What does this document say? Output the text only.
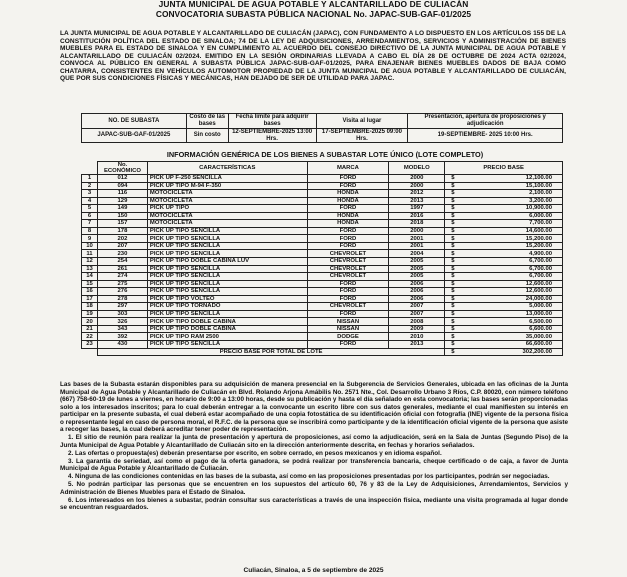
JUNTA MUNICIPAL DE AGUA POTABLE Y ALCANTARILLADO DE CULIACÁN
CONVOCATORIA SUBASTA PÚBLICA NACIONAL No. JAPAC-SUB-GAF-01/2025
LA JUNTA MUNICIPAL DE AGUA POTABLE Y ALCANTARILLADO DE CULIACÁN (JAPAC), CON FUNDAMENTO A LO DISPUESTO EN LOS ARTÍCULOS 155 DE LA CONSTITUCIÓN POLÍTICA DEL ESTADO DE SINALOA; 74 DE LA LEY DE ADQUISICIONES, ARRENDAMIENTOS, SERVICIOS Y ADMINISTRACIÓN DE BIENES MUEBLES PARA EL ESTADO DE SINALOA Y EN CUMPLIMIENTO AL ACUERDO DEL CONSEJO DIRECTIVO DE LA JUNTA MUNICIPAL DE AGUA POTABLE Y ALCANTARILLADO DE CULIACÁN 02/2024. EMITIDO EN LA SESIÓN ORDINARIAS LLEVADA A CABO EL DÍA 28 DE OCTUBRE DE 2024 ACTA 02/2024, CONVOCA AL PÚBLICO EN GENERAL A SUBASTA PÚBLICA JAPAC-SUB-GAF-01/2025, PARA ENAJENAR BIENES MUEBLES DADOS DE BAJA COMO CHATARRA, CONSISTENTES EN VEHÍCULOS AUTOMOTOR PROPIEDAD DE LA JUNTA MUNICIPAL DE AGUA POTABLE Y ALCANTARILLADO DE CULIACÁN, QUE POR SUS CONDICIONES FÍSICAS Y MECÁNICAS, HAN DEJADO DE SER DE UTILIDAD PARA JAPAC.
NO. DE SUBASTA	Costo de las bases	Fecha límite para adquirir bases	Visita al lugar	Presentación, apertura de proposiciones y adjudicación
JAPAC-SUB-GAF-01/2025	Sin costo	12-SEPTIEMBRE-2025 13:00 Hrs.	17-SEPTIEMBRE-2025 09:00 Hrs.	19-SEPTIEMBRE- 2025 10:00 Hrs.
INFORMACIÓN GENÉRICA DE LOS BIENES A SUBASTAR LOTE ÚNICO (LOTE COMPLETO)
	No. ECONÓMICO	CARACTERÍSTICAS	MARCA	MODELO	PRECIO BASE
1	012	PICK UP F-250 SENCILLA	FORD	2000	$ 12,100.00
2	094	PICK UP TIPO M-94 F-350	FORD	2000	$ 15,100.00
3	116	MOTOCICLETA	HONDA	2012	$ 2,100.00
4	129	MOTOCICLETA	HONDA	2013	$ 3,200.00
5	149	PICK UP TIPO	FORD	1997	$ 10,900.00
6	150	MOTOCICLETA	HONDA	2016	$ 6,000.00
7	157	MOTOCICLETA	HONDA	2018	$ 7,700.00
8	178	PICK UP TIPO SENCILLA	FORD	2000	$ 14,600.00
9	202	PICK UP TIPO SENCILLA	FORD	2001	$ 15,200.00
10	207	PICK UP TIPO SENCILLA	FORD	2001	$ 15,200.00
11	230	PICK UP TIPO SENCILLA	CHEVROLET	2004	$ 4,900.00
12	254	PICK UP TIPO DOBLE CABINA LUV	CHEVROLET	2005	$ 6,700.00
13	261	PICK UP TIPO SENCILLA	CHEVROLET	2005	$ 6,700.00
14	274	PICK UP TIPO SENCILLA	CHEVROLET	2005	$ 6,700.00
15	275	PICK UP TIPO SENCILLA	FORD	2006	$ 12,600.00
16	276	PICK UP TIPO SENCILLA	FORD	2006	$ 12,600.00
17	278	PICK UP TIPO VOLTEO	FORD	2006	$ 24,000.00
18	297	PICK UP TIPO TORNADO	CHEVROLET	2007	$ 5,000.00
19	303	PICK UP TIPO SENCILLA	FORD	2007	$ 13,000.00
20	326	PICK UP TIPO DOBLE CABINA	NISSAN	2008	$ 6,500.00
21	343	PICK UP TIPO DOBLE CABINA	NISSAN	2009	$ 6,600.00
22	392	PICK UP TIPO RAM 2500	DODGE	2010	$ 35,000.00
23	430	PICK UP TIPO SENCILLA	FORD	2013	$ 66,600.00
	PRECIO BASE POR TOTAL DE LOTE				$ 302,200.00

Las bases de la Subasta estarán disponibles para su adquisición de manera presencial en la Subgerencia de Servicios Generales, ubicada en las oficinas de la Junta Municipal de Agua Potable y Alcantarillado de Culiacán en Blvd. Rolando Arjona Amábilis No. 2571 Nte., Col. Desarrollo Urbano 3 Ríos, C.P. 80020, con número teléfono (667) 758-60-19 de lunes a viernes, en horario de 9:00 a 13:00 horas, desde su publicación y hasta el día señalado en esta convocatoria; las bases serán proporcionadas solo a los interesados inscritos; para lo cual deberán entregar a la convocante un escrito libre con sus datos generales, mediante el cual manifiesten su interés en participar en la presente subasta, el cual deberá estar acompañado de una copia fotostática de su identificación oficial con fotografía (INE) vigente de la persona física o representante legal en caso de persona moral, el R.F.C. de la persona que se inscribirá como participante y de la identificación oficial vigente de la persona que asiste a recoger las bases, la cual deberá acreditar tener poder de representación.

1. El sitio de reunión para realizar la junta de presentación y apertura de proposiciones, así como la adjudicación, será en la Sala de Juntas (Segundo Piso) de la Junta Municipal de Agua Potable y Alcantarillado de Culiacán sito en la dirección anteriormente descrita, en fechas y horarios señalados.

2. Las ofertas o propuesta(es) deberán presentarse por escrito, en sobre cerrado, en pesos mexicanos y en idioma español.

3. La garantía de seriedad, así como el pago de la oferta ganadora, se podrá realizar por transferencia bancaria, cheque certificado o de caja, a favor de Junta Municipal de Agua Potable y Alcantarillado de Culiacán.

4. Ninguna de las condiciones contenidas en las bases de la subasta, así como en las proposiciones presentadas por los participantes, podrán ser negociadas.

5. No podrán participar las personas que se encuentren en los supuestos del artículo 60, 76 y 83 de la Ley de Adquisiciones, Arrendamientos, Servicios y Administración de Bienes Muebles para el Estado de Sinaloa.

6. Los interesados en los bienes a subastar, podrán consultar sus características a través de una inspección física, mediante una visita programada al lugar donde se encuentran resguardados.

Culiacán, Sinaloa, a 5 de septiembre de 2025
